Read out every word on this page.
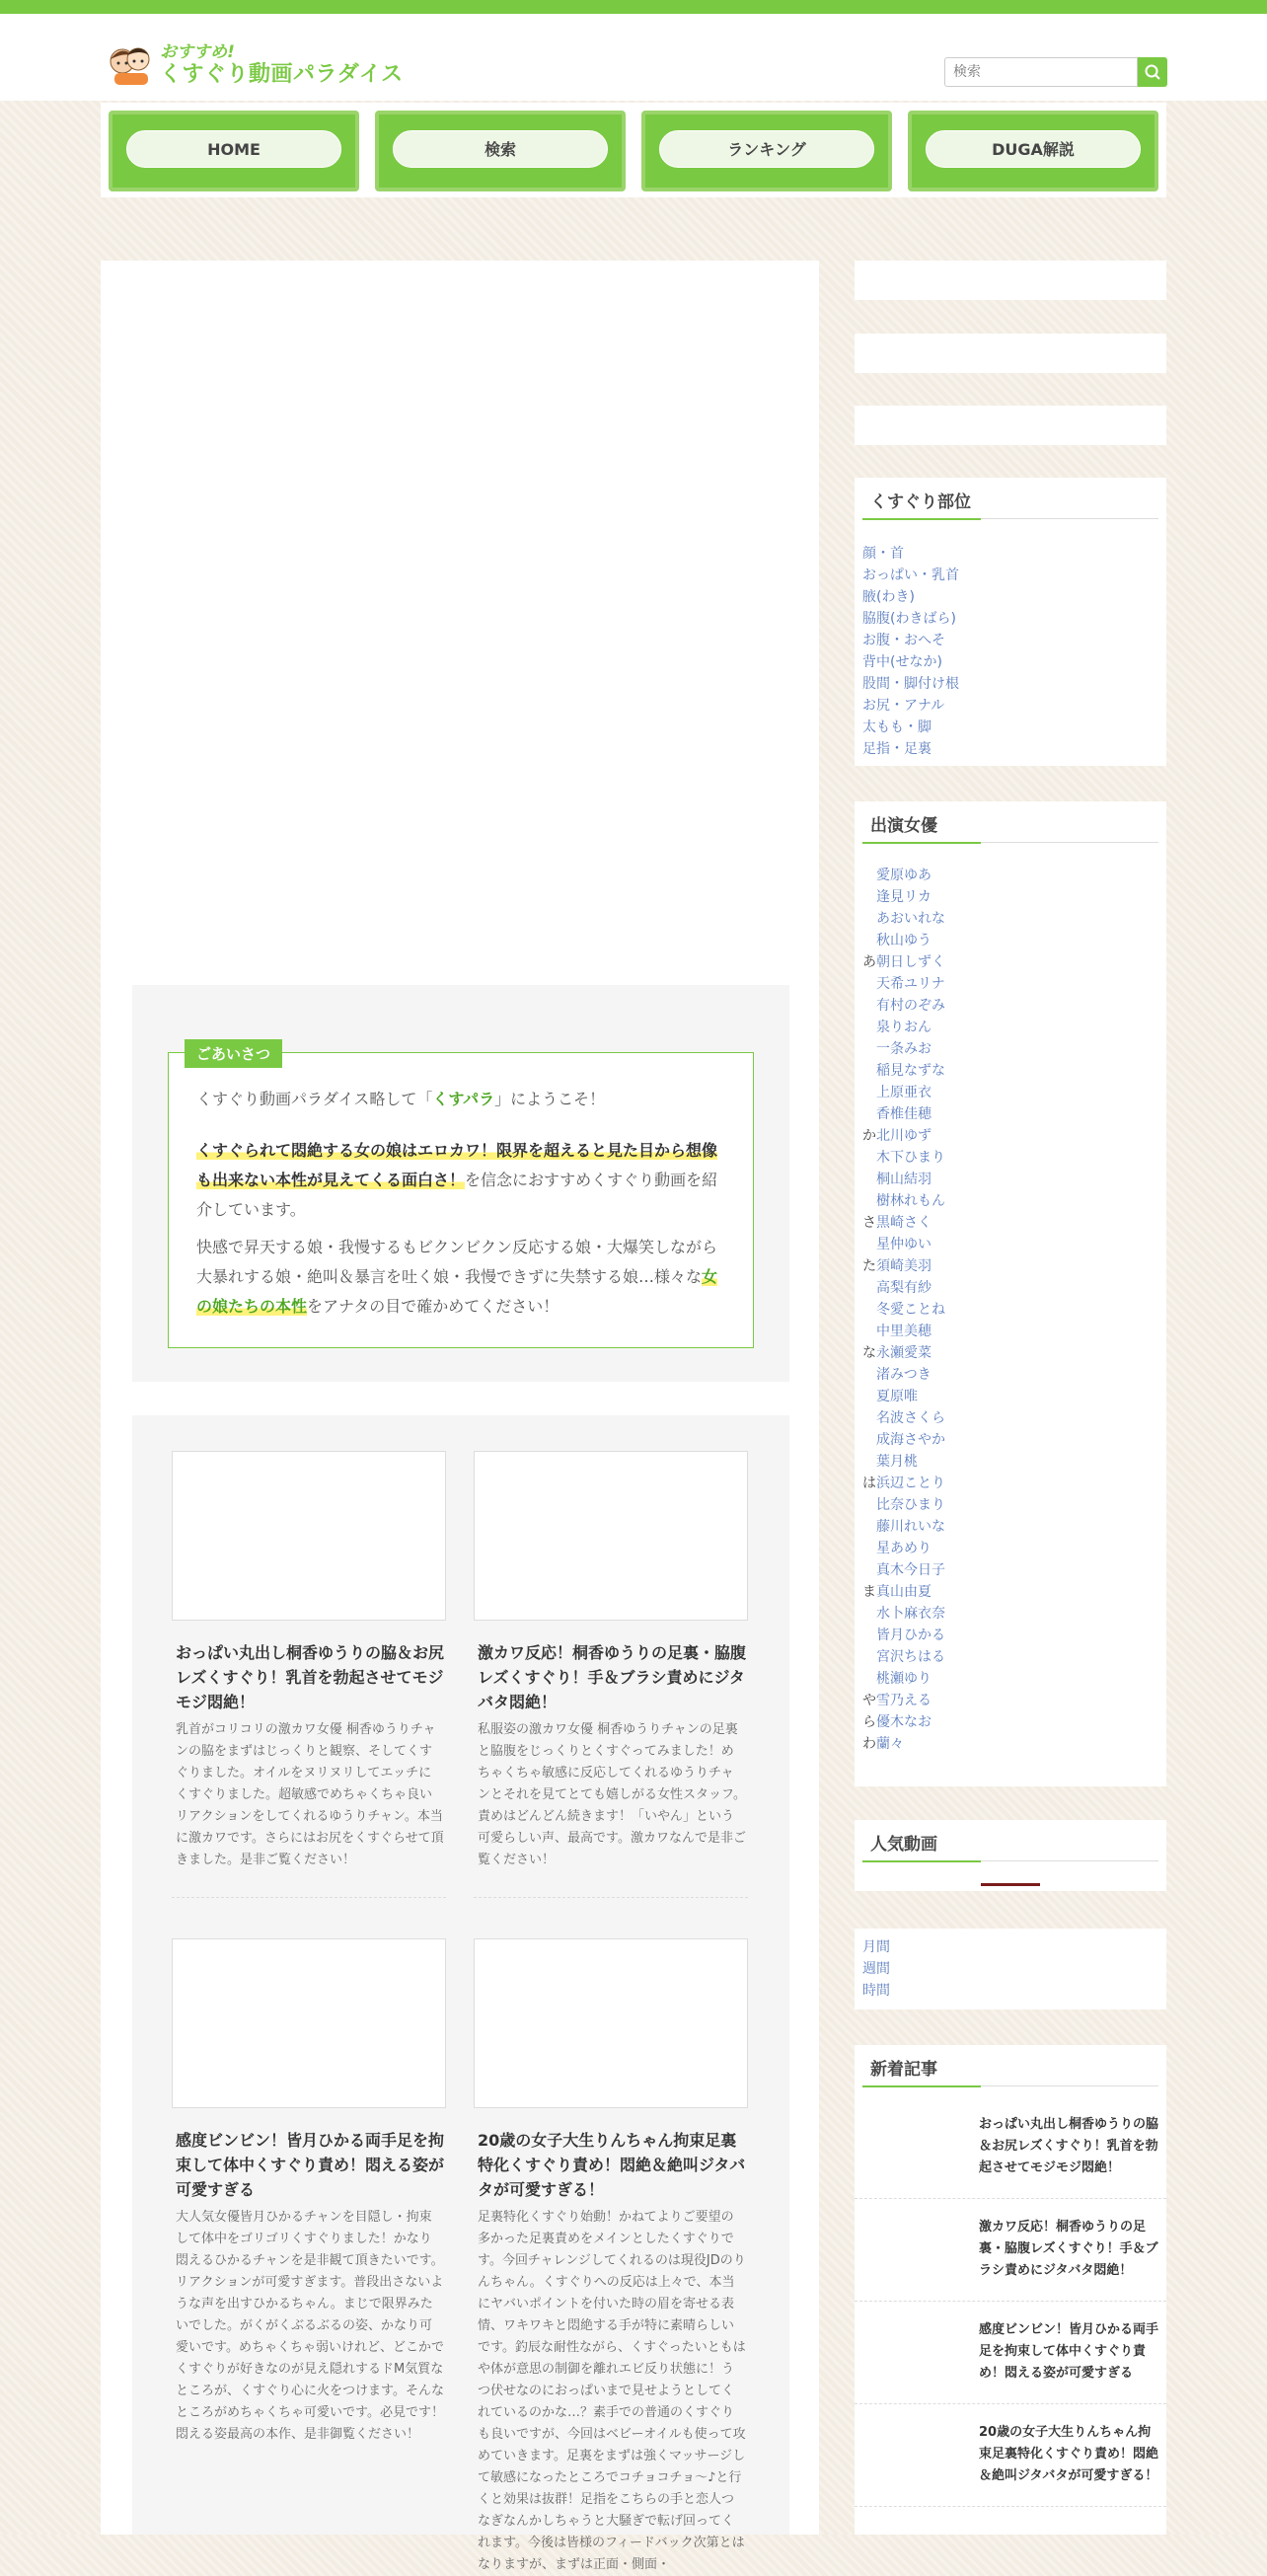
おすすめ!
くすぐり動画パラダイス
検索
HOME	検索	ランキング	DUGA解説
ごあいさつ

くすぐり動画パラダイス略して「くすパラ」にようこそ！

くすぐられて悶絶する女の娘はエロカワ！限界を超えると見た目から想像も出来ない本性が見えてくる面白さ！を信念におすすめくすぐり動画を紹介しています。

快感で昇天する娘・我慢するもビクンビクン反応する娘・大爆笑しながら大暴れする娘・絶叫＆暴言を吐く娘・我慢できずに失禁する娘…様々な女の娘たちの本性をアナタの目で確かめてください！

おっぱい丸出し桐香ゆうりの脇＆お尻レズくすぐり！乳首を勃起させてモジモジ悶絶！
乳首がコリコリの激カワ女優 桐香ゆうりチャンの脇をまずはじっくりと観察、そしてくすぐりました。オイルをヌリヌリしてエッチにくすぐりました。超敏感でめちゃくちゃ良いリアクションをしてくれるゆうりチャン。本当に激カワです。さらにはお尻をくすぐらせて頂きました。是非ご覧ください！
激カワ反応！桐香ゆうりの足裏・脇腹レズくすぐり！手＆ブラシ責めにジタバタ悶絶！
私服姿の激カワ女優 桐香ゆうりチャンの足裏と脇腹をじっくりとくすぐってみました！めちゃくちゃ敏感に反応してくれるゆうりチャンとそれを見てとても嬉しがる女性スタッフ。責めはどんどん続きます！「いやん」という可愛らしい声、最高です。激カワなんで是非ご覧ください！
感度ビンビン！皆月ひかる両手足を拘束して体中くすぐり責め！悶える姿が可愛すぎる
大人気女優皆月ひかるチャンを目隠し・拘束して体中をゴリゴリくすぐりました！かなり悶えるひかるチャンを是非観て頂きたいです。リアクションが可愛すぎます。普段出さないような声を出すひかるちゃん。まじで限界みたいでした。がくがくぶるぶるの姿、かなり可愛いです。めちゃくちゃ弱いけれど、どこかでくすぐりが好きなのが見え隠れするドM気質なところが、くすぐり心に火をつけます。そんなところがめちゃくちゃ可愛いです。必見です！悶える姿最高の本作、是非御覧ください！
20歳の女子大生りんちゃん拘束足裏特化くすぐり責め！悶絶＆絶叫ジタバタが可愛すぎる！
足裏特化くすぐり始動！かねてよりご要望の多かった足裏責めをメインとしたくすぐりです。今回チャレンジしてくれるのは現役JDのりんちゃん。くすぐりへの反応は上々で、本当にヤバいポイントを付いた時の眉を寄せる表情、ワキワキと悶絶する手が特に素晴らしいです。釣辰な耐性ながら、くすぐったいともはや体が意思の制御を離れエビ反り状態に！うつ伏せなのにおっぱいまで見せようとしてくれているのかな…？素手での普通のくすぐりも良いですが、今回はベビーオイルも使って攻めていきます。足裏をまずは強くマッサージして敏感になったところでコチョコチョ～♪と行くと効果は抜群！足指をこちらの手と恋人つなぎなんかしちゃうと大騒ぎで転げ回ってくれます。今後は皆様のフィードバック次第とはなりますが、まずは正面・側面・
くすぐり部位
顔・首
おっぱい・乳首
腋(わき)
脇腹(わきばら)
お腹・おへそ
背中(せなか)
股間・脚付け根
お尻・アナル
太もも・脚
足指・足裏
出演女優
愛原ゆあ
逢見リカ
あおいれな
秋山ゆう
朝日しずく
天希ユリナ
有村のぞみ
泉りおん
一条みお
稲見なずな
上原亜衣
香椎佳穂
北川ゆず
木下ひまり
桐山結羽
樹林れもん
黒崎さく
星仲ゆい
須崎美羽
高梨有紗
冬愛ことね
中里美穂
永瀬愛菜
渚みつき
夏原唯
名波さくら
成海さやか
葉月桃
浜辺ことり
比奈ひまり
藤川れいな
星あめり
真木今日子
真山由夏
水卜麻衣奈
皆月ひかる
宮沢ちはる
桃瀬ゆり
雪乃える
優木なお
蘭々
あ
か
さ
た
な
は
ま
や
ら
わ
人気動画
月間
週間
時間
新着記事
おっぱい丸出し桐香ゆうりの脇＆お尻レズくすぐり！乳首を勃起させてモジモジ悶絶！
激カワ反応！桐香ゆうりの足裏・脇腹レズくすぐり！手＆ブラシ責めにジタバタ悶絶！
感度ビンビン！皆月ひかる両手足を拘束して体中くすぐり責め！悶える姿が可愛すぎる
20歳の女子大生りんちゃん拘束足裏特化くすぐり責め！悶絶＆絶叫ジタバタが可愛すぎる！
